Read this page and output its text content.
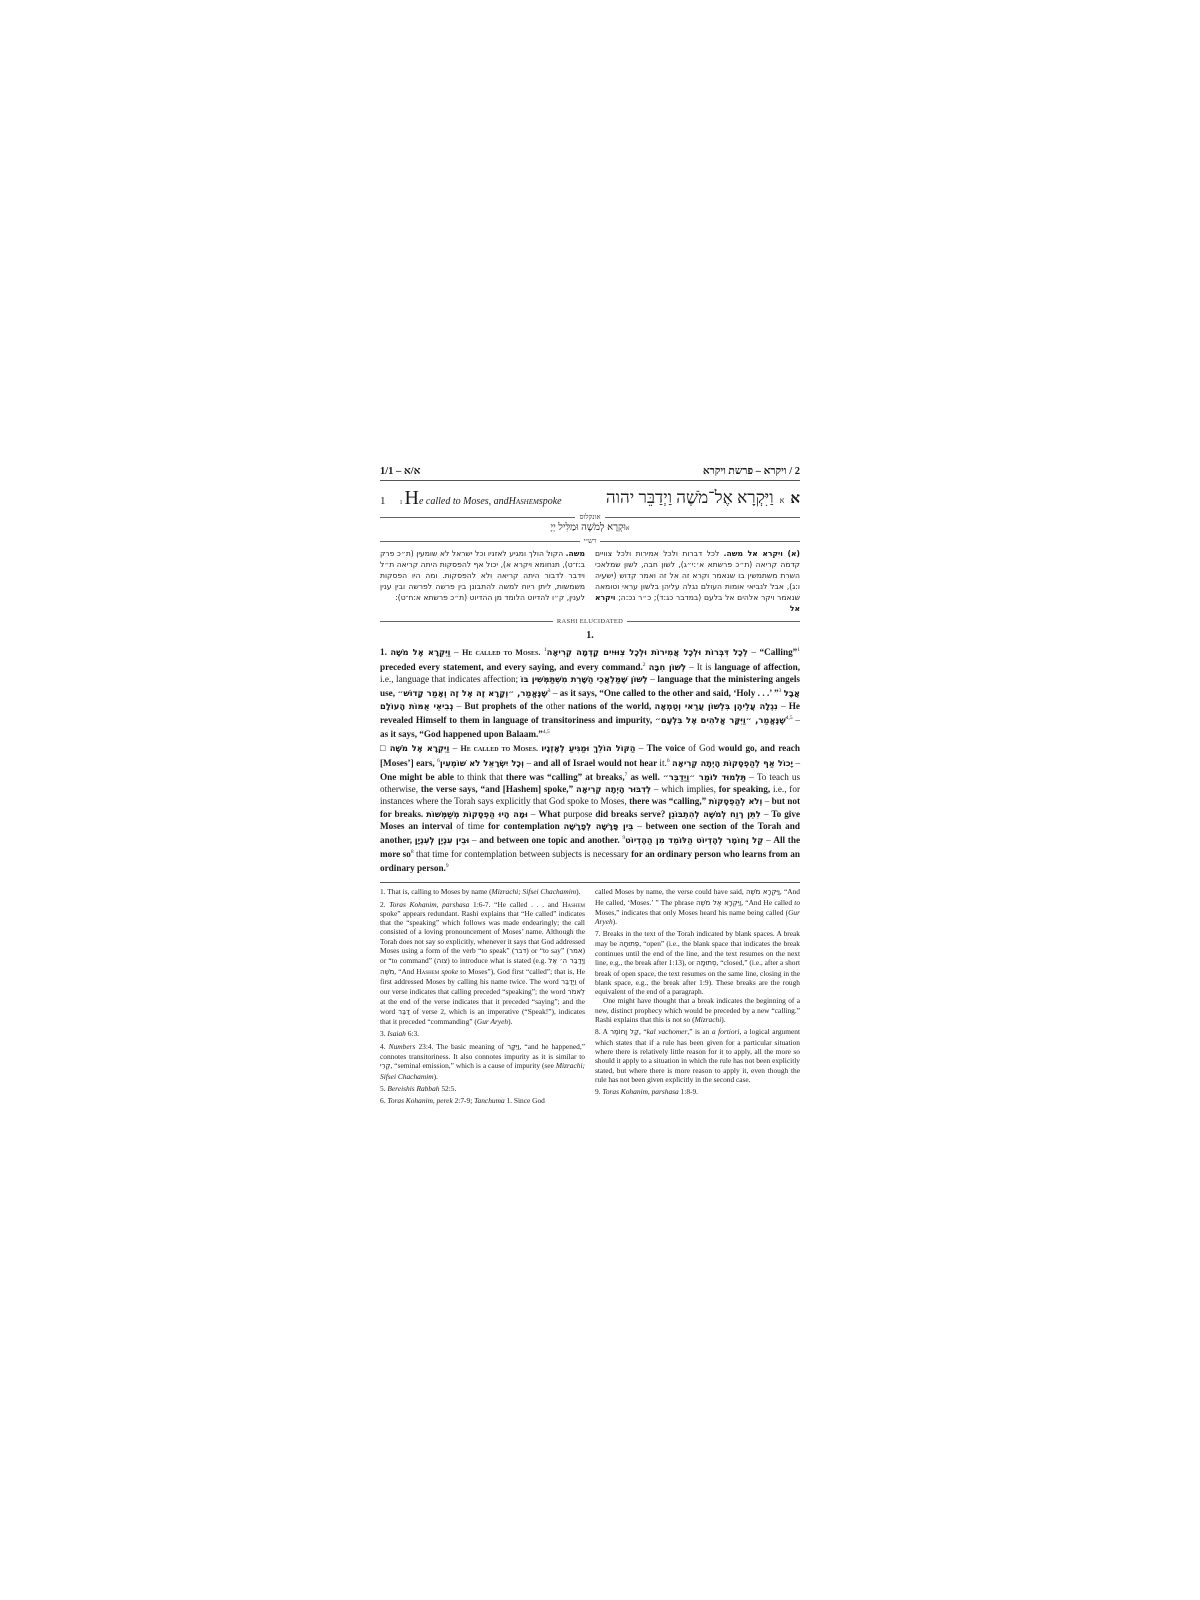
1/1 – א/א	2 / ויקרא – פרשת ויקרא
1 1 H e called to Moses, and Hashem spoke	א
א
וַיִּקְרָא אֶל־מֹשֶׁה וַיְדַבֵּר יהוה
אונקלוס
אוּקְרָא לְמֹשֶׁה וּמַלִּיל יְיָ
רש״י
(א) ויקרא אל משה. לכל דברות ולכל אמירות ולכל צוויים קדמה קריאה (ת״כ פרשתא א׳:י״ג), לשון חבה, לשון שמלאכי השרת משתמשין בו שנאמר וקרא זה אל זה ואמר קדוש (ישעיה ו:ג), אבל לנביאי אומות העולם נגלה עליהן בלשון עראי וטומאה שנאמר ויקר אלהים אל בלעם (במדבר כג:ד); כ״ר נכ:ה; ויקרא אל
משה. הקול הולך ומגיע לאזניו וכל ישראל לא שומעין (ת״כ פרק ב:ז־ט), תנחומא ויקרא א), יכול אף להפסקות היתה קריאה ת״ל וידבר לדבור היתה קריאה ולא להפסקות. ומה היו הפסקות משמשות, ליתן ריוח למשה להתבונן בין פרשה לפרשה ובין ענין לענין, ק״ו להדיוט הלומד מן ההדיוט (ת״כ פרשתא א:ח־ט):
RASHI ELUCIDATED
1.

1. וַיִּקְרָא אֶל מֹשֶׁה – He called to Moses. $^1$לְכָל דִּבְּרוֹת וּלְכָל אֲמִירוֹת וּלְכָל צִוּוּיִים קָדְמָה קְרִיאָה – “Calling”$^1$ preceded every statement, and every saying, and every command.$^2$ לְשׁוֹן חִבָּה – It is language of affection, i.e., language that indicates affection; לְשׁוֹן שֶׁמַּלְאֲכֵי הַשָּׁרֵת מִשְׁתַּמְּשִׁין בּוֹ – language that the ministering angels use, שֶׁנֶּאֱמַר, ״וְקָרָא זֶה אֶל זֶה וְאָמַר קָדוֹשׁ״$^3$ – as it says, “One called to the other and said, ‘Holy . . .’ ”$^3$ אֲבָל נְבִיאֵי אֻמּוֹת הָעוֹלָם – But prophets of the other nations of the world, נִגְלָה עֲלֵיהֶן בִּלְשׁוֹן עֲרַאי וְטֻמְאָה – He revealed Himself to them in language of transitoriness and impurity, שֶׁנֶּאֱמַר, ״וַיִּקָּר אֱלֹהִים אֶל בִּלְעָם״$^{4,5}$ – as it says, “God happened upon Balaam.”$^{4,5}$

□ וַיִּקְרָא אֶל מֹשֶׁה – He called to Moses. הַקּוֹל הוֹלֵךְ וּמַגִּיעַ לְאָזְנָיו – The voice of God would go, and reach [Moses’] ears, $^6$וְכָל יִשְׂרָאֵל לֹא שׁוֹמְעִין – and all of Israel would not hear it.$^6$ יָכוֹל אַף לְהַפְסָקוֹת הָיְתָה קְרִיאָה – One might be able to think that there was “calling” at breaks,$^7$ as well. תַּלְמוּד לוֹמַר ״וַיְדַבֵּר״ – To teach us otherwise, the verse says, “and [Hashem] spoke,” לְדִבּוּר הָיְתָה קְרִיאָה – which implies, for speaking, i.e., for instances where the Torah says explicitly that God spoke to Moses, there was “calling,” וְלֹא לְהַפְסָקוֹת – but not for breaks. וּמָה הָיוּ הַפְסָקוֹת מְשַׁמְּשׁוֹת – What purpose did breaks serve? לִתֵּן רֶוַח לְמֹשֶׁה לְהִתְבּוֹנֵן – To give Moses an interval of time for contemplation בֵּין פָּרָשָׁה לְפָרָשָׁה – between one section of the Torah and another, וּבֵין עִנְיָן לְעִנְיָן – and between one topic and another. $^9$קַל וָחוֹמֶר לְהֶדְיוֹט הַלּוֹמֵד מִן הַהֶדְיוֹט – All the more $so^8$ that time for contemplation between subjects is necessary for an ordinary person who learns from an ordinary person.$^9$

1. That is, calling to Moses by name (Mizrachi; Sifsei Chachamim).
2. Toras Kohanim, parshasa 1:6-7. “He called . . . and Hashem spoke” appears redundant. Rashi explains that “He called” indicates that the “speaking” which follows was made endearingly; the call consisted of a loving pronouncement of Moses’ name. Although the Torah does not say so explicitly, whenever it says that God addressed Moses using a form of the verb “to speak” (דבר) or “to say” (אמר) or “to command” (צוה) to introduce what is stated (e.g. וַיְדַבֵּר ה׳ אֶל מֹשֶׁה, “And Hashem spoke to Moses”), God first “called”; that is, He first addressed Moses by calling his name twice. The word וַיְדַבֵּר of our verse indicates that calling preceded “speaking”; the word לֵאמֹר at the end of the verse indicates that it preceded “saying”; and the word דַּבֵּר of verse 2, which is an imperative (“Speak!”), indicates that it preceded “commanding” (Gur Aryeh).
3. Isaiah 6:3.
4. Numbers 23:4. The basic meaning of וַיִּקָּר, “and he happened,” connotes transitoriness. It also connotes impurity as it is similar to קֶרִי, “seminal emission,” which is a cause of impurity (see Mizrachi; Sifsei Chachamim).
5. Bereishis Rabbah 52:5.
6. Toras Kohanim, perek 2:7-9; Tanchuma 1. Since God
called Moses by name, the verse could have said, וַיִּקְרָא מֹשֶׁה, “And He called, ‘Moses.’ ” The phrase וַיִּקְרָא אֶל מֹשֶׁה, “And He called to Moses,” indicates that only Moses heard his name being called (Gur Aryeh).
7. Breaks in the text of the Torah indicated by blank spaces. A break may be פְּתוּחָה, “open” (i.e., the blank space that indicates the break continues until the end of the line, and the text resumes on the next line, e.g., the break after 1:13), or סְתוּמָה, “closed,” (i.e., after a short break of open space, the text resumes on the same line, closing in the blank space, e.g., the break after 1:9). These breaks are the rough equivalent of the end of a paragraph.
One might have thought that a break indicates the beginning of a new, distinct prophecy which would be preceded by a new “calling.” Rashi explains that this is not so (Mizrachi).
8. A קַל וָחוֹמֶר, “kal vachomer,” is an a fortiori, a logical argument which states that if a rule has been given for a particular situation where there is relatively little reason for it to apply, all the more so should it apply to a situation in which the rule has not been explicitly stated, but where there is more reason to apply it, even though the rule has not been given explicitly in the second case.
9. Toras Kohanim, parshasa 1:8-9.
